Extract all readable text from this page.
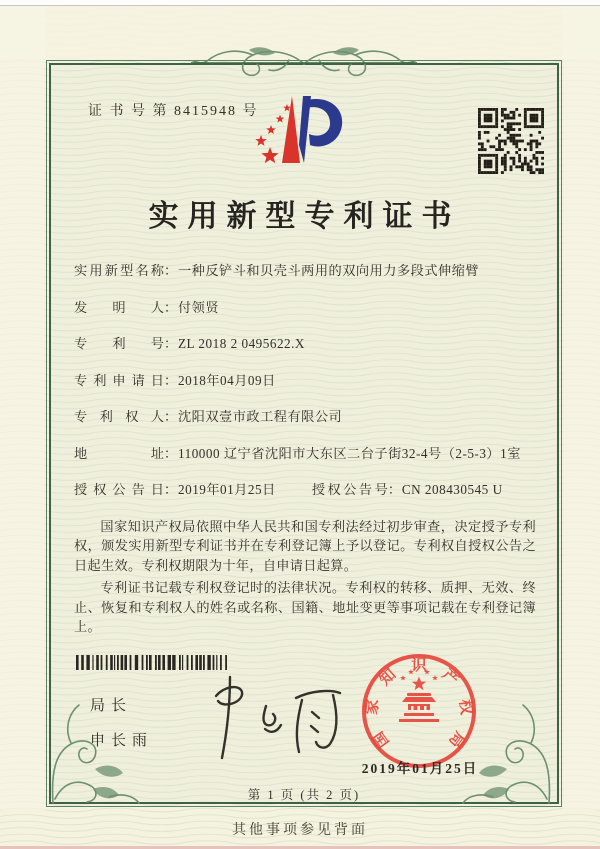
证 书 号 第 8415948 号
实用新型专利证书
实用新型名称 ： 一种反铲斗和贝壳斗两用的双向用力多段式伸缩臂
发明人 ： 付领贤
专利号 ： ZL 2018 2 0495622.X
专利申请日 ： 2018年04月09日
专利权人 ： 沈阳双壹市政工程有限公司
地址 ： 110000 辽宁省沈阳市大东区二台子街32-4号（2-5-3）1室
授权公告日 ： 2019年01月25日	授权公告号 ： CN 208430545 U

国家知识产权局依照中华人民共和国专利法经过初步审查，决定授予专利权，颁发实用新型专利证书并在专利登记簿上予以登记。专利权自授权公告之日起生效。专利权期限为十年，自申请日起算。

专利证书记载专利权登记时的法律状况。专利权的转移、质押、无效、终止、恢复和专利权人的姓名或名称、国籍、地址变更等事项记载在专利登记簿上。

局长
申长雨	国
家
知
识
产
权
局
2019年01月25日
第 1 页 (共 2 页)
其他事项参见背面
